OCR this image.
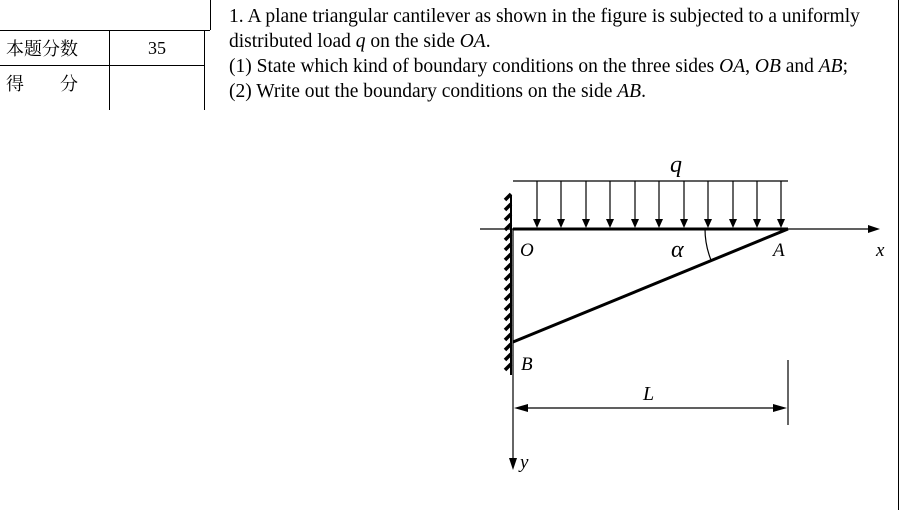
本题分数	35
得　　分	

1. A plane triangular cantilever as shown in the figure is subjected to a uniformly distributed load q on the side OA.

(1) State which kind of boundary conditions on the three sides OA, OB and AB;

(2) Write out the boundary conditions on the side AB.

q
O	α	A	x
B
L
y
